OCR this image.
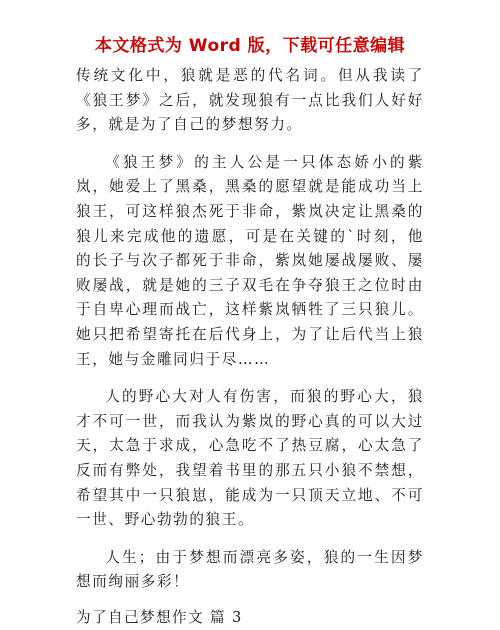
本文格式为 Word 版，下载可任意编辑

传统文化中，狼就是恶的代名词。但从我读了《狼王梦》之后，就发现狼有一点比我们人好好多，就是为了自己的梦想努力。

《狼王梦》的主人公是一只体态娇小的紫岚，她爱上了黑桑，黑桑的愿望就是能成功当上狼王，可这样狼杰死于非命，紫岚决定让黑桑的狼儿来完成他的遗愿，可是在关键的`时刻，他的长子与次子都死于非命，紫岚她屡战屡败、屡败屡战，就是她的三子双毛在争夺狼王之位时由于自卑心理而战亡，这样紫岚牺牲了三只狼儿。她只把希望寄托在后代身上，为了让后代当上狼王，她与金雕同归于尽……

人的野心大对人有伤害，而狼的野心大，狼才不可一世，而我认为紫岚的野心真的可以大过天，太急于求成，心急吃不了热豆腐，心太急了反而有弊处，我望着书里的那五只小狼不禁想，希望其中一只狼崽，能成为一只顶天立地、不可一世、野心勃勃的狼王。

人生；由于梦想而漂亮多姿，狼的一生因梦想而绚丽多彩！

为了自己梦想作文 篇 3
